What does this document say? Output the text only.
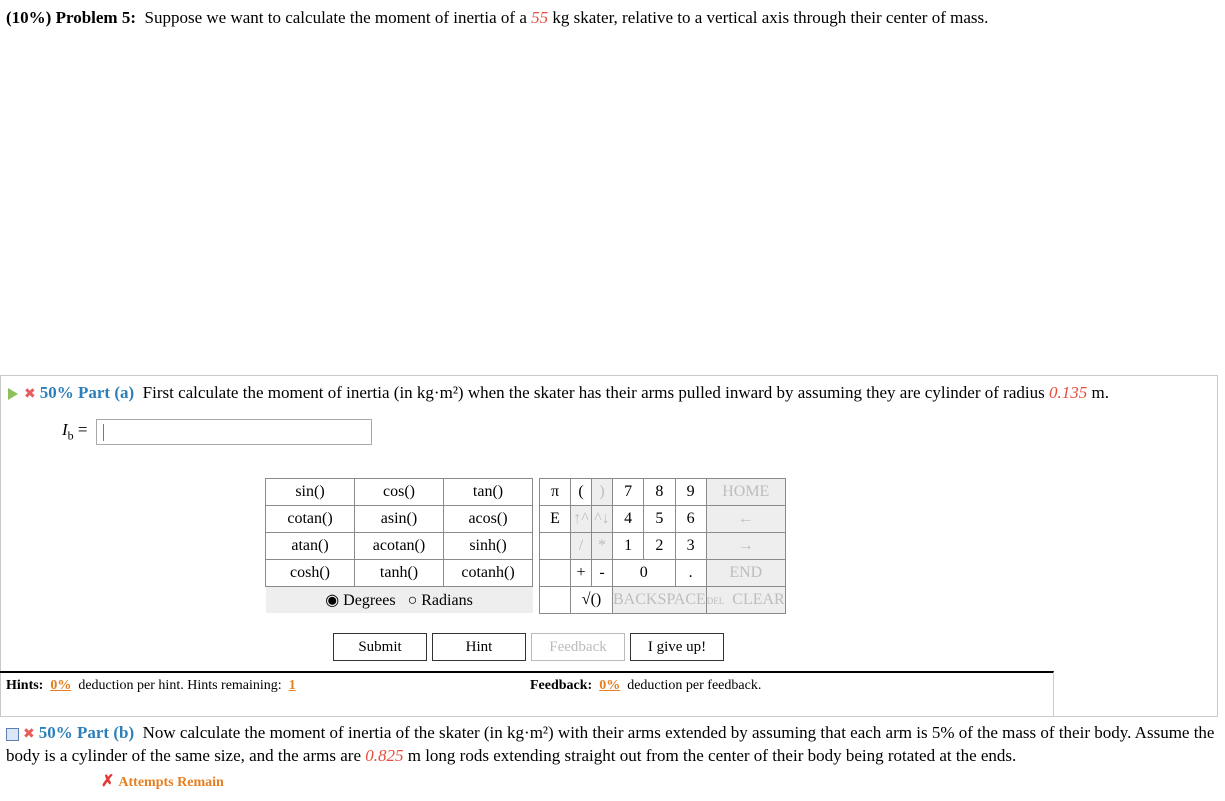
(10%) Problem 5: Suppose we want to calculate the moment of inertia of a 55 kg skater, relative to a vertical axis through their center of mass.
✖ 50% Part (a) First calculate the moment of inertia (in kg·m²) when the skater has their arms pulled inward by assuming they are cylinder of radius 0.135 m.
$I_b$ =
sin()	cos()	tan()
cotan()	asin()	acos()
atan()	acotan()	sinh()
cosh()	tanh()	cotanh()
◉ Degrees ○ Radians		
π	(	)	7	8	9	HOME
E	↑^	^↓	4	5	6	←
	/	*	1	2	3	→
	+	-	0		.	END
	√()		BACKSPACE			DEL CLEAR
Submit	Hint	Feedback	I give up!
Hints: 0% deduction per hint. Hints remaining: 1	Feedback: 0% deduction per feedback.
✖ 50% Part (b) Now calculate the moment of inertia of the skater (in kg·m²) with their arms extended by assuming that each arm is 5% of the mass of their body. Assume the body is a cylinder of the same size, and the arms are 0.825 m long rods extending straight out from the center of their body being rotated at the ends.
✗ Attempts Remain
